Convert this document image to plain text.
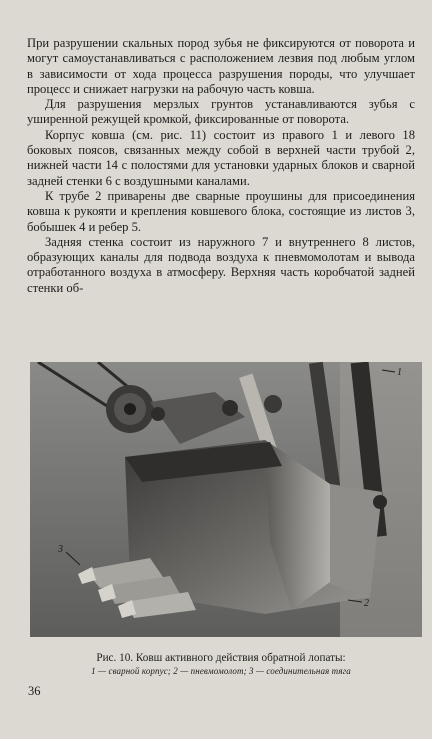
При разрушении скальных пород зубья не фиксируются от поворота и могут самоустанавливаться с расположением лезвия под любым углом в зависимости от хода процесса разрушения породы, что улучшает процесс и снижает нагрузки на рабочую часть ковша.

Для разрушения мерзлых грунтов устанавливаются зубья с уширенной режущей кромкой, фиксированные от поворота.

Корпус ковша (см. рис. 11) состоит из правого 1 и левого 18 боковых поясов, связанных между собой в верхней части трубой 2, нижней части 14 с полостями для установки ударных блоков и сварной задней стенки 6 с воздушными каналами.

К трубе 2 приварены две сварные проушины для присоединения ковша к рукояти и крепления ковшевого блока, состоящие из листов 3, бобышек 4 и ребер 5.

Задняя стенка состоит из наружного 7 и внутреннего 8 листов, образующих каналы для подвода воздуха к пневмомолотам и вывода отработанного воздуха в атмосферу. Верхняя часть коробчатой задней стенки об-

1
2
3
Рис. 10. Ковш активного действия обратной лопаты:
1 — сварной корпус; 2 — пневмомолот; 3 — соединительная тяга
36
